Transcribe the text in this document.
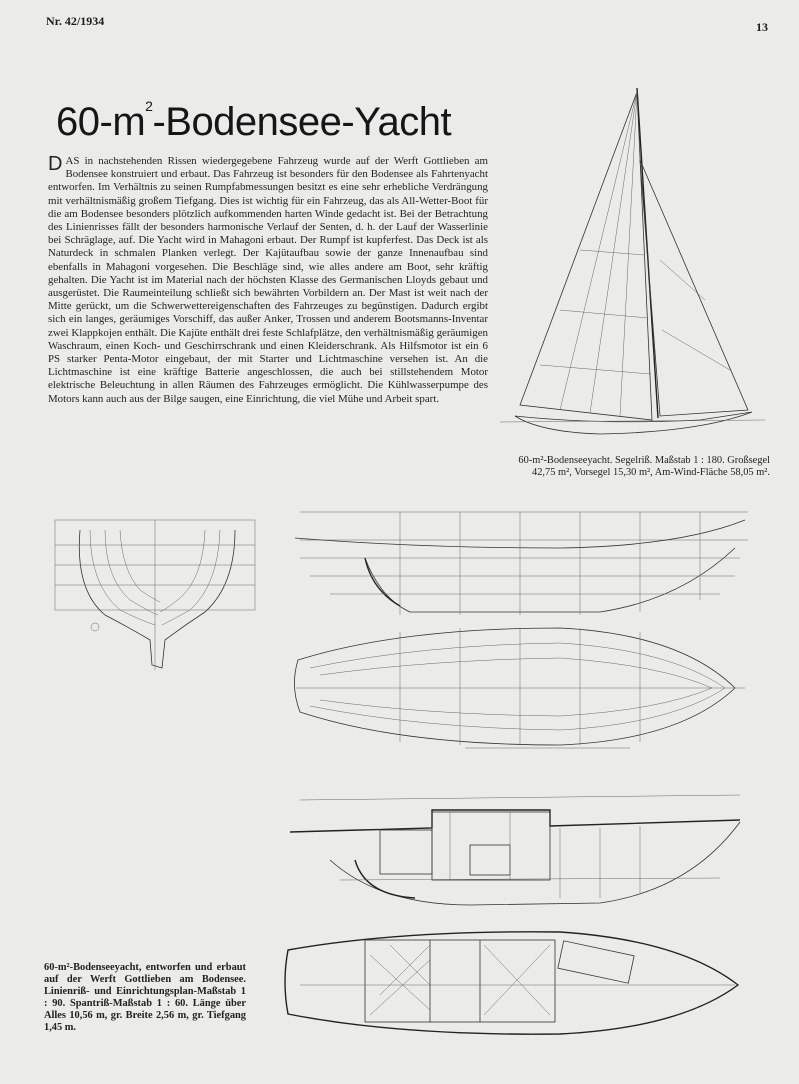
Nr. 42/1934	13
$60-m^2-Bodensee$-Yacht
DAS in nachstehenden Rissen wiedergegebene Fahrzeug wurde auf der Werft Gottlieben am Bodensee konstruiert und erbaut. Das Fahrzeug ist besonders für den Bodensee als Fahrtenyacht entworfen. Im Verhältnis zu seinen Rumpfabmessungen besitzt es eine sehr erhebliche Verdrängung mit verhältnismäßig großem Tiefgang. Dies ist wichtig für ein Fahrzeug, das als All-Wetter-Boot für die am Bodensee besonders plötzlich aufkommenden harten Winde gedacht ist. Bei der Betrachtung des Linienrisses fällt der besonders harmonische Verlauf der Senten, d. h. der Lauf der Wasserlinie bei Schräglage, auf. Die Yacht wird in Mahagoni erbaut. Der Rumpf ist kupferfest. Das Deck ist als Naturdeck in schmalen Planken verlegt. Der Kajütaufbau sowie der ganze Innenaufbau sind ebenfalls in Mahagoni vorgesehen. Die Beschläge sind, wie alles andere am Boot, sehr kräftig gehalten. Die Yacht ist im Material nach der höchsten Klasse des Germanischen Lloyds gebaut und ausgerüstet. Die Raumeinteilung schließt sich bewährten Vorbildern an. Der Mast ist weit nach der Mitte gerückt, um die Schwerwettereigenschaften des Fahrzeuges zu begünstigen. Dadurch ergibt sich ein langes, geräumiges Vorschiff, das außer Anker, Trossen und anderem Bootsmanns-Inventar zwei Klappkojen enthält. Die Kajüte enthält drei feste Schlafplätze, den verhältnismäßig geräumigen Waschraum, einen Koch- und Geschirrschrank und einen Kleiderschrank. Als Hilfsmotor ist ein 6 PS starker Penta-Motor eingebaut, der mit Starter und Lichtmaschine versehen ist. An die Lichtmaschine ist eine kräftige Batterie angeschlossen, die auch bei stillstehendem Motor elektrische Beleuchtung in allen Räumen des Fahrzeuges ermöglicht. Die Kühlwasserpumpe des Motors kann auch aus der Bilge saugen, eine Einrichtung, die viel Mühe und Arbeit spart.
60-m²-Bodenseeyacht. Segelriß. Maßstab 1 : 180. Großsegel 42,75 m², Vorsegel 15,30 m², Am-Wind-Fläche 58,05 m².
60-m²-Bodenseeyacht, entworfen und erbaut auf der Werft Gottlieben am Bodensee. Linienriß- und Einrichtungsplan-Maßstab 1 : 90. Spantriß-Maßstab 1 : 60. Länge über Alles 10,56 m, gr. Breite 2,56 m, gr. Tiefgang 1,45 m.
